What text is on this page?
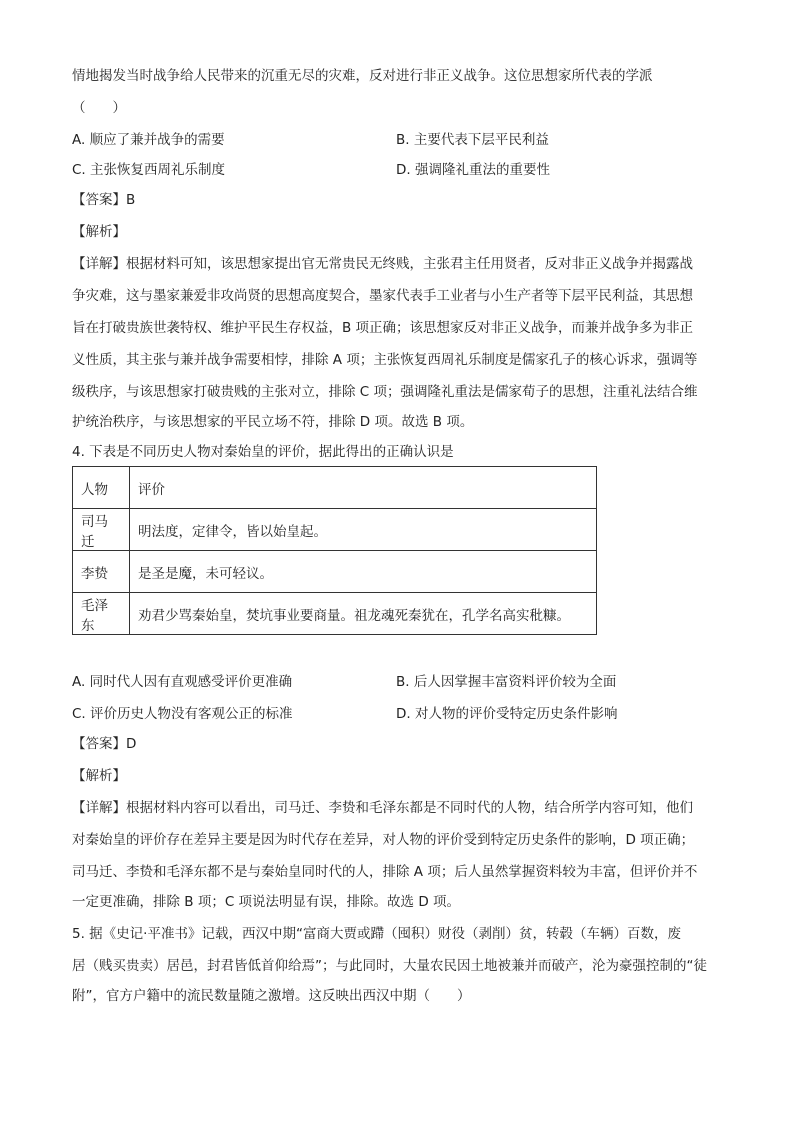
情地揭发当时战争给人民带来的沉重无尽的灾难，反对进行非正义战争。这位思想家所代表的学派
（　　）
A. 顺应了兼并战争的需要	B. 主要代表下层平民利益
C. 主张恢复西周礼乐制度	D. 强调隆礼重法的重要性
【答案】B
【解析】
【详解】根据材料可知，该思想家提出官无常贵民无终贱，主张君主任用贤者，反对非正义战争并揭露战
争灾难，这与墨家兼爱非攻尚贤的思想高度契合，墨家代表手工业者与小生产者等下层平民利益，其思想
旨在打破贵族世袭特权、维护平民生存权益，B 项正确；该思想家反对非正义战争，而兼并战争多为非正
义性质，其主张与兼并战争需要相悖，排除 A 项；主张恢复西周礼乐制度是儒家孔子的核心诉求，强调等
级秩序，与该思想家打破贵贱的主张对立，排除 C 项；强调隆礼重法是儒家荀子的思想，注重礼法结合维
护统治秩序，与该思想家的平民立场不符，排除 D 项。故选 B 项。
4. 下表是不同历史人物对秦始皇的评价，据此得出的正确认识是
人物	评价
司马迁	明法度，定律令，皆以始皇起。
李贽	是圣是魔，未可轻议。
毛泽东	劝君少骂秦始皇，焚坑事业要商量。祖龙魂死秦犹在，孔学名高实秕糠。
A. 同时代人因有直观感受评价更准确	B. 后人因掌握丰富资料评价较为全面
C. 评价历史人物没有客观公正的标准	D. 对人物的评价受特定历史条件影响
【答案】D
【解析】
【详解】根据材料内容可以看出，司马迁、李贽和毛泽东都是不同时代的人物，结合所学内容可知，他们
对秦始皇的评价存在差异主要是因为时代存在差异，对人物的评价受到特定历史条件的影响，D 项正确；
司马迁、李贽和毛泽东都不是与秦始皇同时代的人，排除 A 项；后人虽然掌握资料较为丰富，但评价并不
一定更准确，排除 B 项；C 项说法明显有误，排除。故选 D 项。
5. 据《史记·平准书》记载，西汉中期“富商大贾或蹛（囤积）财役（剥削）贫，转毂（车辆）百数，废
居（贱买贵卖）居邑，封君皆低首仰给焉”；与此同时，大量农民因土地被兼并而破产，沦为豪强控制的“徒
附”，官方户籍中的流民数量随之激增。这反映出西汉中期（　　）
